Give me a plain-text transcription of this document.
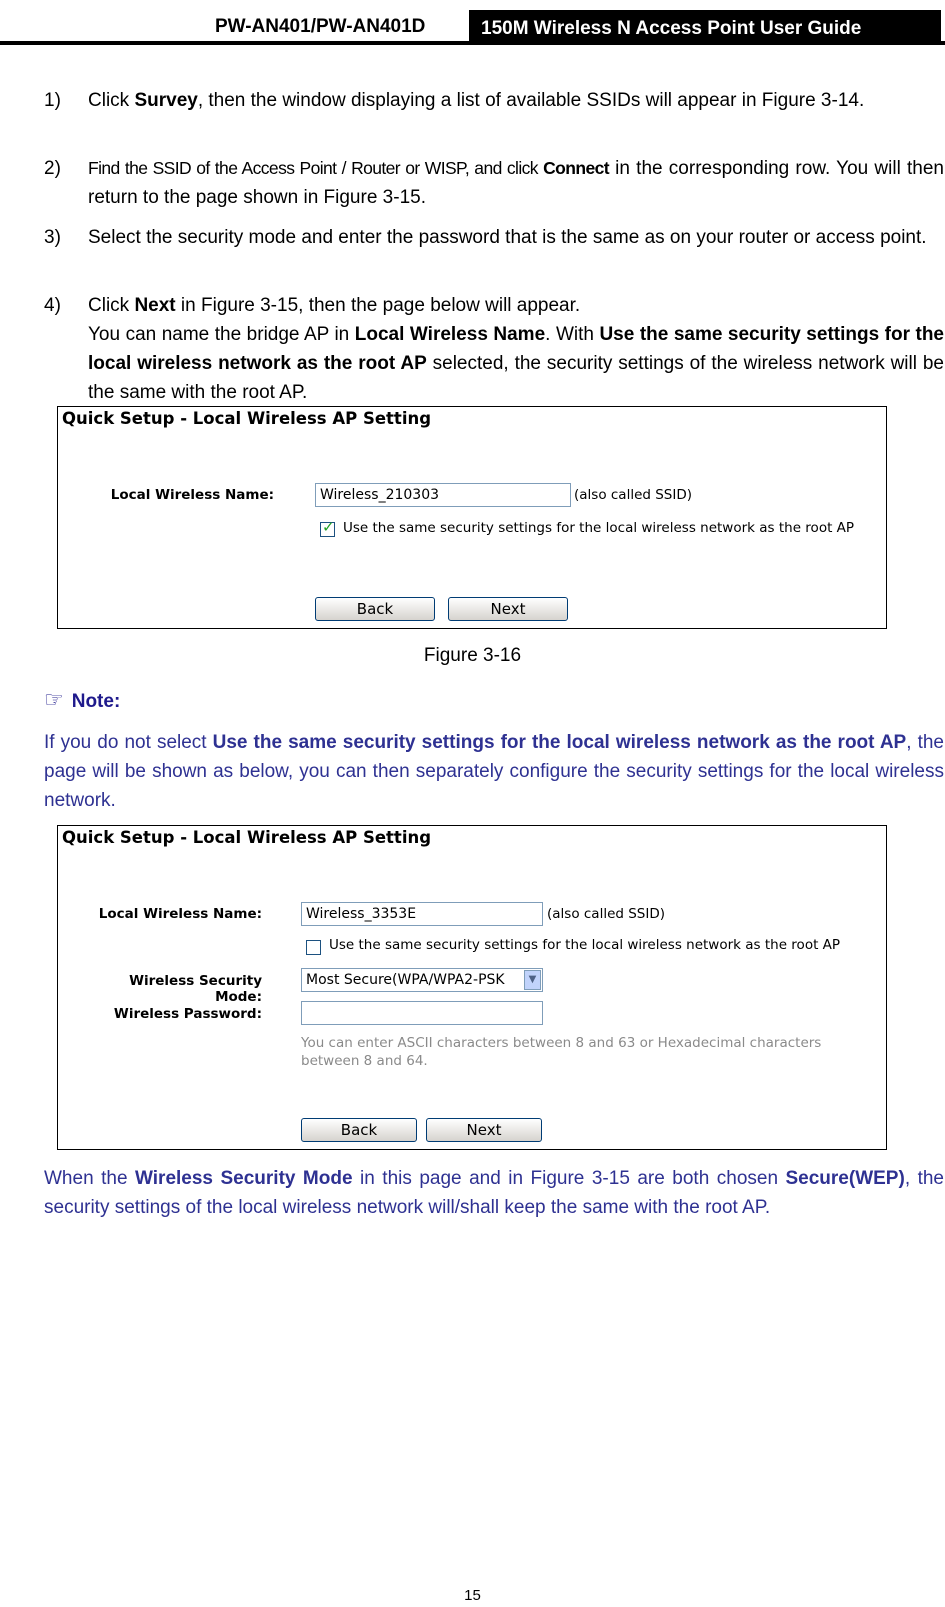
PW-AN401/PW-AN401D	150M Wireless N Access Point User Guide
1) Click Survey, then the window displaying a list of available SSIDs will appear in Figure 3-14.
2) Find the SSID of the Access Point / Router or WISP, and click Connect in the corresponding row. You will then return to the page shown in Figure 3-15.
3) Select the security mode and enter the password that is the same as on your router or access point.
4) Click Next in Figure 3-15, then the page below will appear.
You can name the bridge AP in Local Wireless Name. With Use the same security settings for the local wireless network as the root AP selected, the security settings of the wireless network will be the same with the root AP.
Quick Setup - Local Wireless AP Setting
Local Wireless Name:	Wireless_210303	(also called SSID)
✓ Use the same security settings for the local wireless network as the root AP
Back	Next
Figure 3-16
☞ Note:
If you do not select Use the same security settings for the local wireless network as the root AP, the page will be shown as below, you can then separately configure the security settings for the local wireless network.
Quick Setup - Local Wireless AP Setting
Local Wireless Name:	Wireless_3353E	(also called SSID)
Use the same security settings for the local wireless network as the root AP
Wireless Security Mode:
Most Secure(WPA/WPA2-PSK	▼
Wireless Password:
You can enter ASCII characters between 8 and 63 or Hexadecimal characters between 8 and 64.
Back	Next
When the Wireless Security Mode in this page and in Figure 3-15 are both chosen Secure(WEP), the security settings of the local wireless network will/shall keep the same with the root AP.
15
